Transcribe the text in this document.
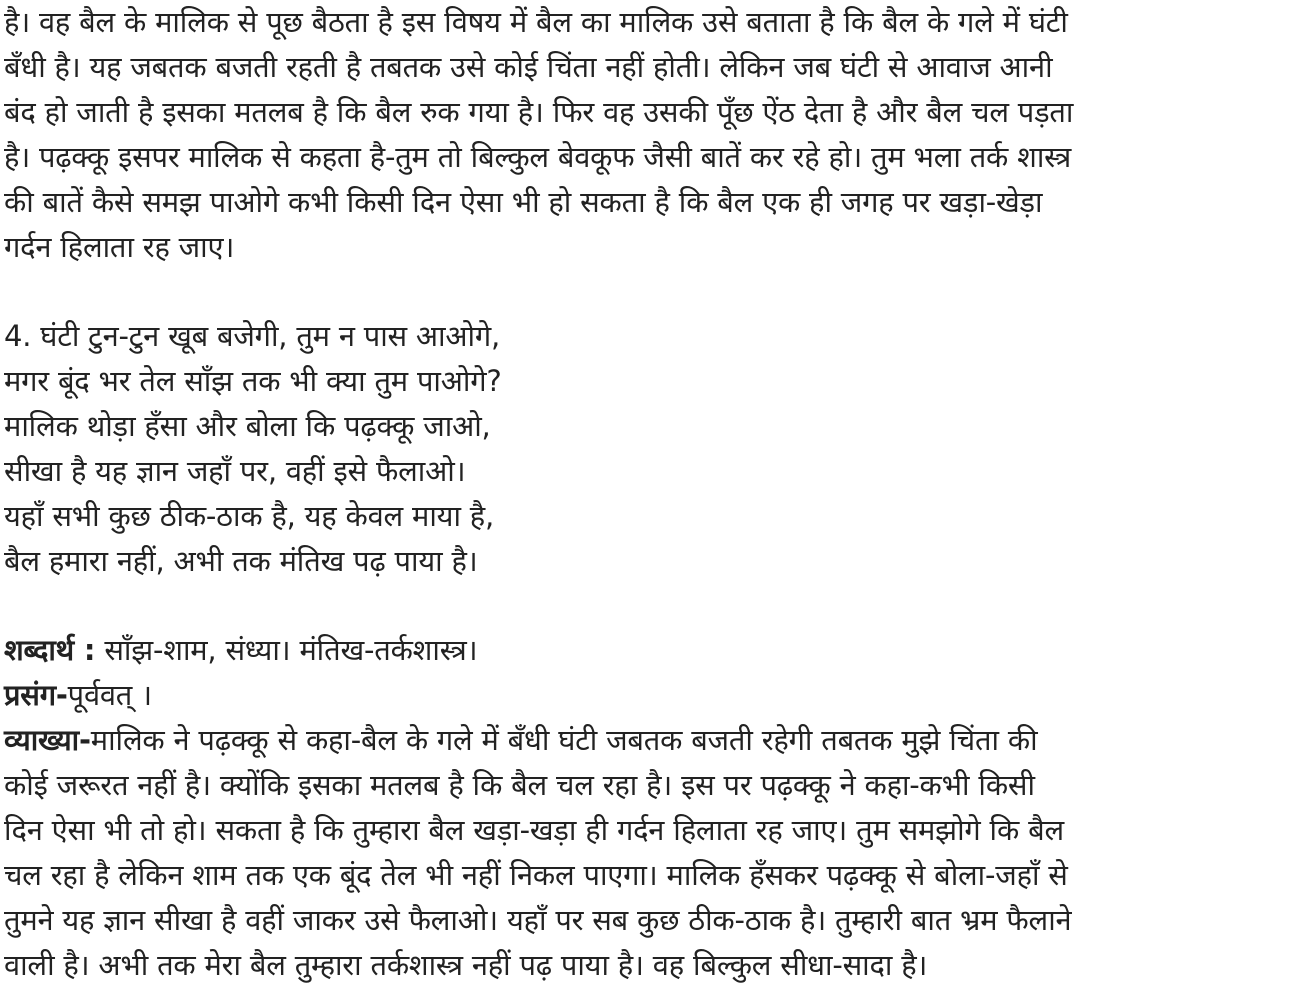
है। वह बैल के मालिक से पूछ बैठता है इस विषय में बैल का मालिक उसे बताता है कि बैल के गले में घंटी
बँधी है। यह जबतक बजती रहती है तबतक उसे कोई चिंता नहीं होती। लेकिन जब घंटी से आवाज आनी
बंद हो जाती है इसका मतलब है कि बैल रुक गया है। फिर वह उसकी पूँछ ऐंठ देता है और बैल चल पड़ता
है। पढ़क्कू इसपर मालिक से कहता है-तुम तो बिल्कुल बेवकूफ जैसी बातें कर रहे हो। तुम भला तर्क शास्त्र
की बातें कैसे समझ पाओगे कभी किसी दिन ऐसा भी हो सकता है कि बैल एक ही जगह पर खड़ा-खेड़ा
गर्दन हिलाता रह जाए।
4. घंटी टुन-टुन खूब बजेगी, तुम न पास आओगे,
मगर बूंद भर तेल साँझ तक भी क्या तुम पाओगे?
मालिक थोड़ा हँसा और बोला कि पढ़क्कू जाओ,
सीखा है यह ज्ञान जहाँ पर, वहीं इसे फैलाओ।
यहाँ सभी कुछ ठीक-ठाक है, यह केवल माया है,
बैल हमारा नहीं, अभी तक मंतिख पढ़ पाया है।
शब्दार्थ : साँझ-शाम, संध्या। मंतिख-तर्कशास्त्र।
प्रसंग-पूर्ववत् ।
व्याख्या-मालिक ने पढ़क्कू से कहा-बैल के गले में बँधी घंटी जबतक बजती रहेगी तबतक मुझे चिंता की
कोई जरूरत नहीं है। क्योंकि इसका मतलब है कि बैल चल रहा है। इस पर पढ़क्कू ने कहा-कभी किसी
दिन ऐसा भी तो हो। सकता है कि तुम्हारा बैल खड़ा-खड़ा ही गर्दन हिलाता रह जाए। तुम समझोगे कि बैल
चल रहा है लेकिन शाम तक एक बूंद तेल भी नहीं निकल पाएगा। मालिक हँसकर पढ़क्कू से बोला-जहाँ से
तुमने यह ज्ञान सीखा है वहीं जाकर उसे फैलाओ। यहाँ पर सब कुछ ठीक-ठाक है। तुम्हारी बात भ्रम फैलाने
वाली है। अभी तक मेरा बैल तुम्हारा तर्कशास्त्र नहीं पढ़ पाया है। वह बिल्कुल सीधा-सादा है।
